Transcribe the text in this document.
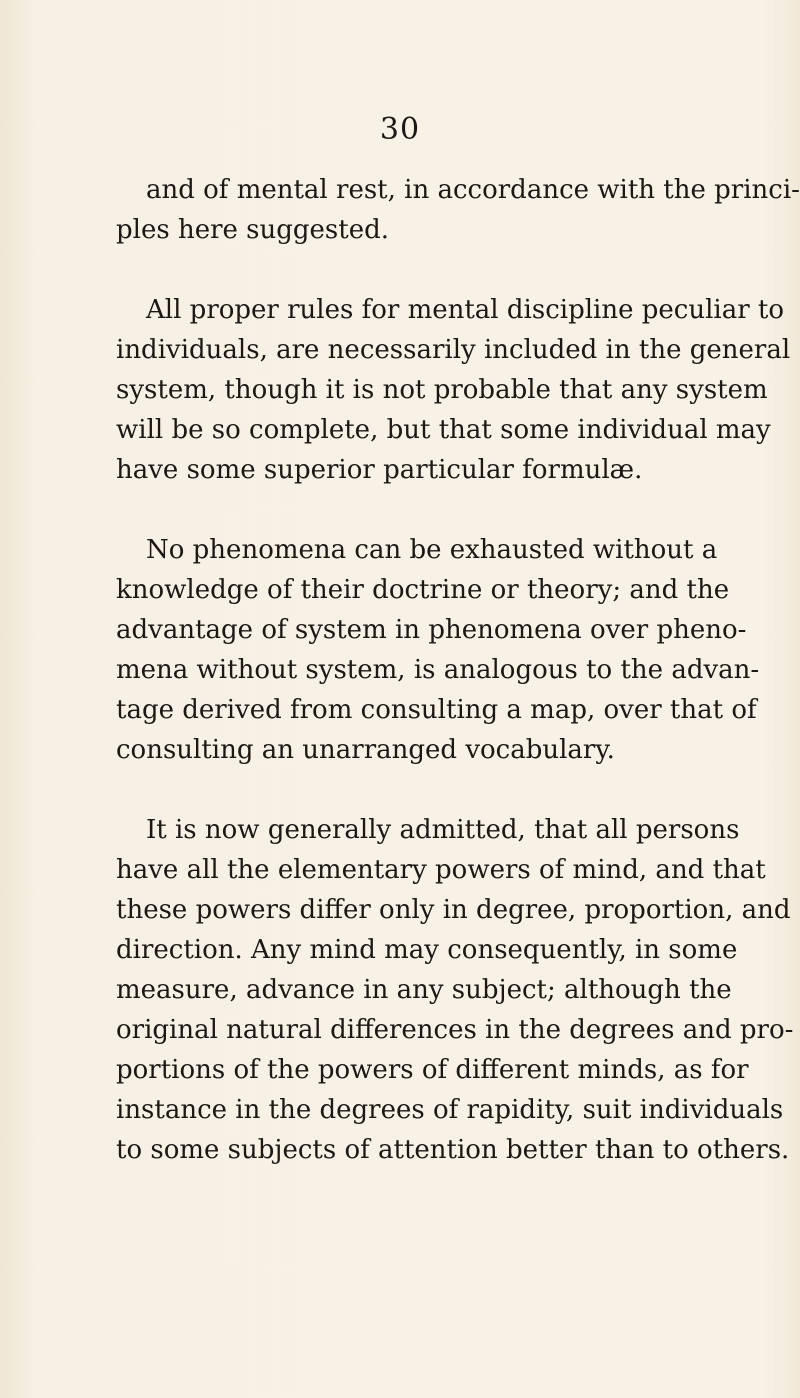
30

and of mental rest, in accordance with the princi-
ples here suggested.

All proper rules for mental discipline peculiar to
individuals, are necessarily included in the general
system, though it is not probable that any system
will be so complete, but that some individual may
have some superior particular formulæ.

No phenomena can be exhausted without a
knowledge of their doctrine or theory; and the
advantage of system in phenomena over pheno-
mena without system, is analogous to the advan-
tage derived from consulting a map, over that of
consulting an unarranged vocabulary.

It is now generally admitted, that all persons
have all the elementary powers of mind, and that
these powers differ only in degree, proportion, and
direction. Any mind may consequently, in some
measure, advance in any subject; although the
original natural differences in the degrees and pro-
portions of the powers of different minds, as for
instance in the degrees of rapidity, suit individuals
to some subjects of attention better than to others.
